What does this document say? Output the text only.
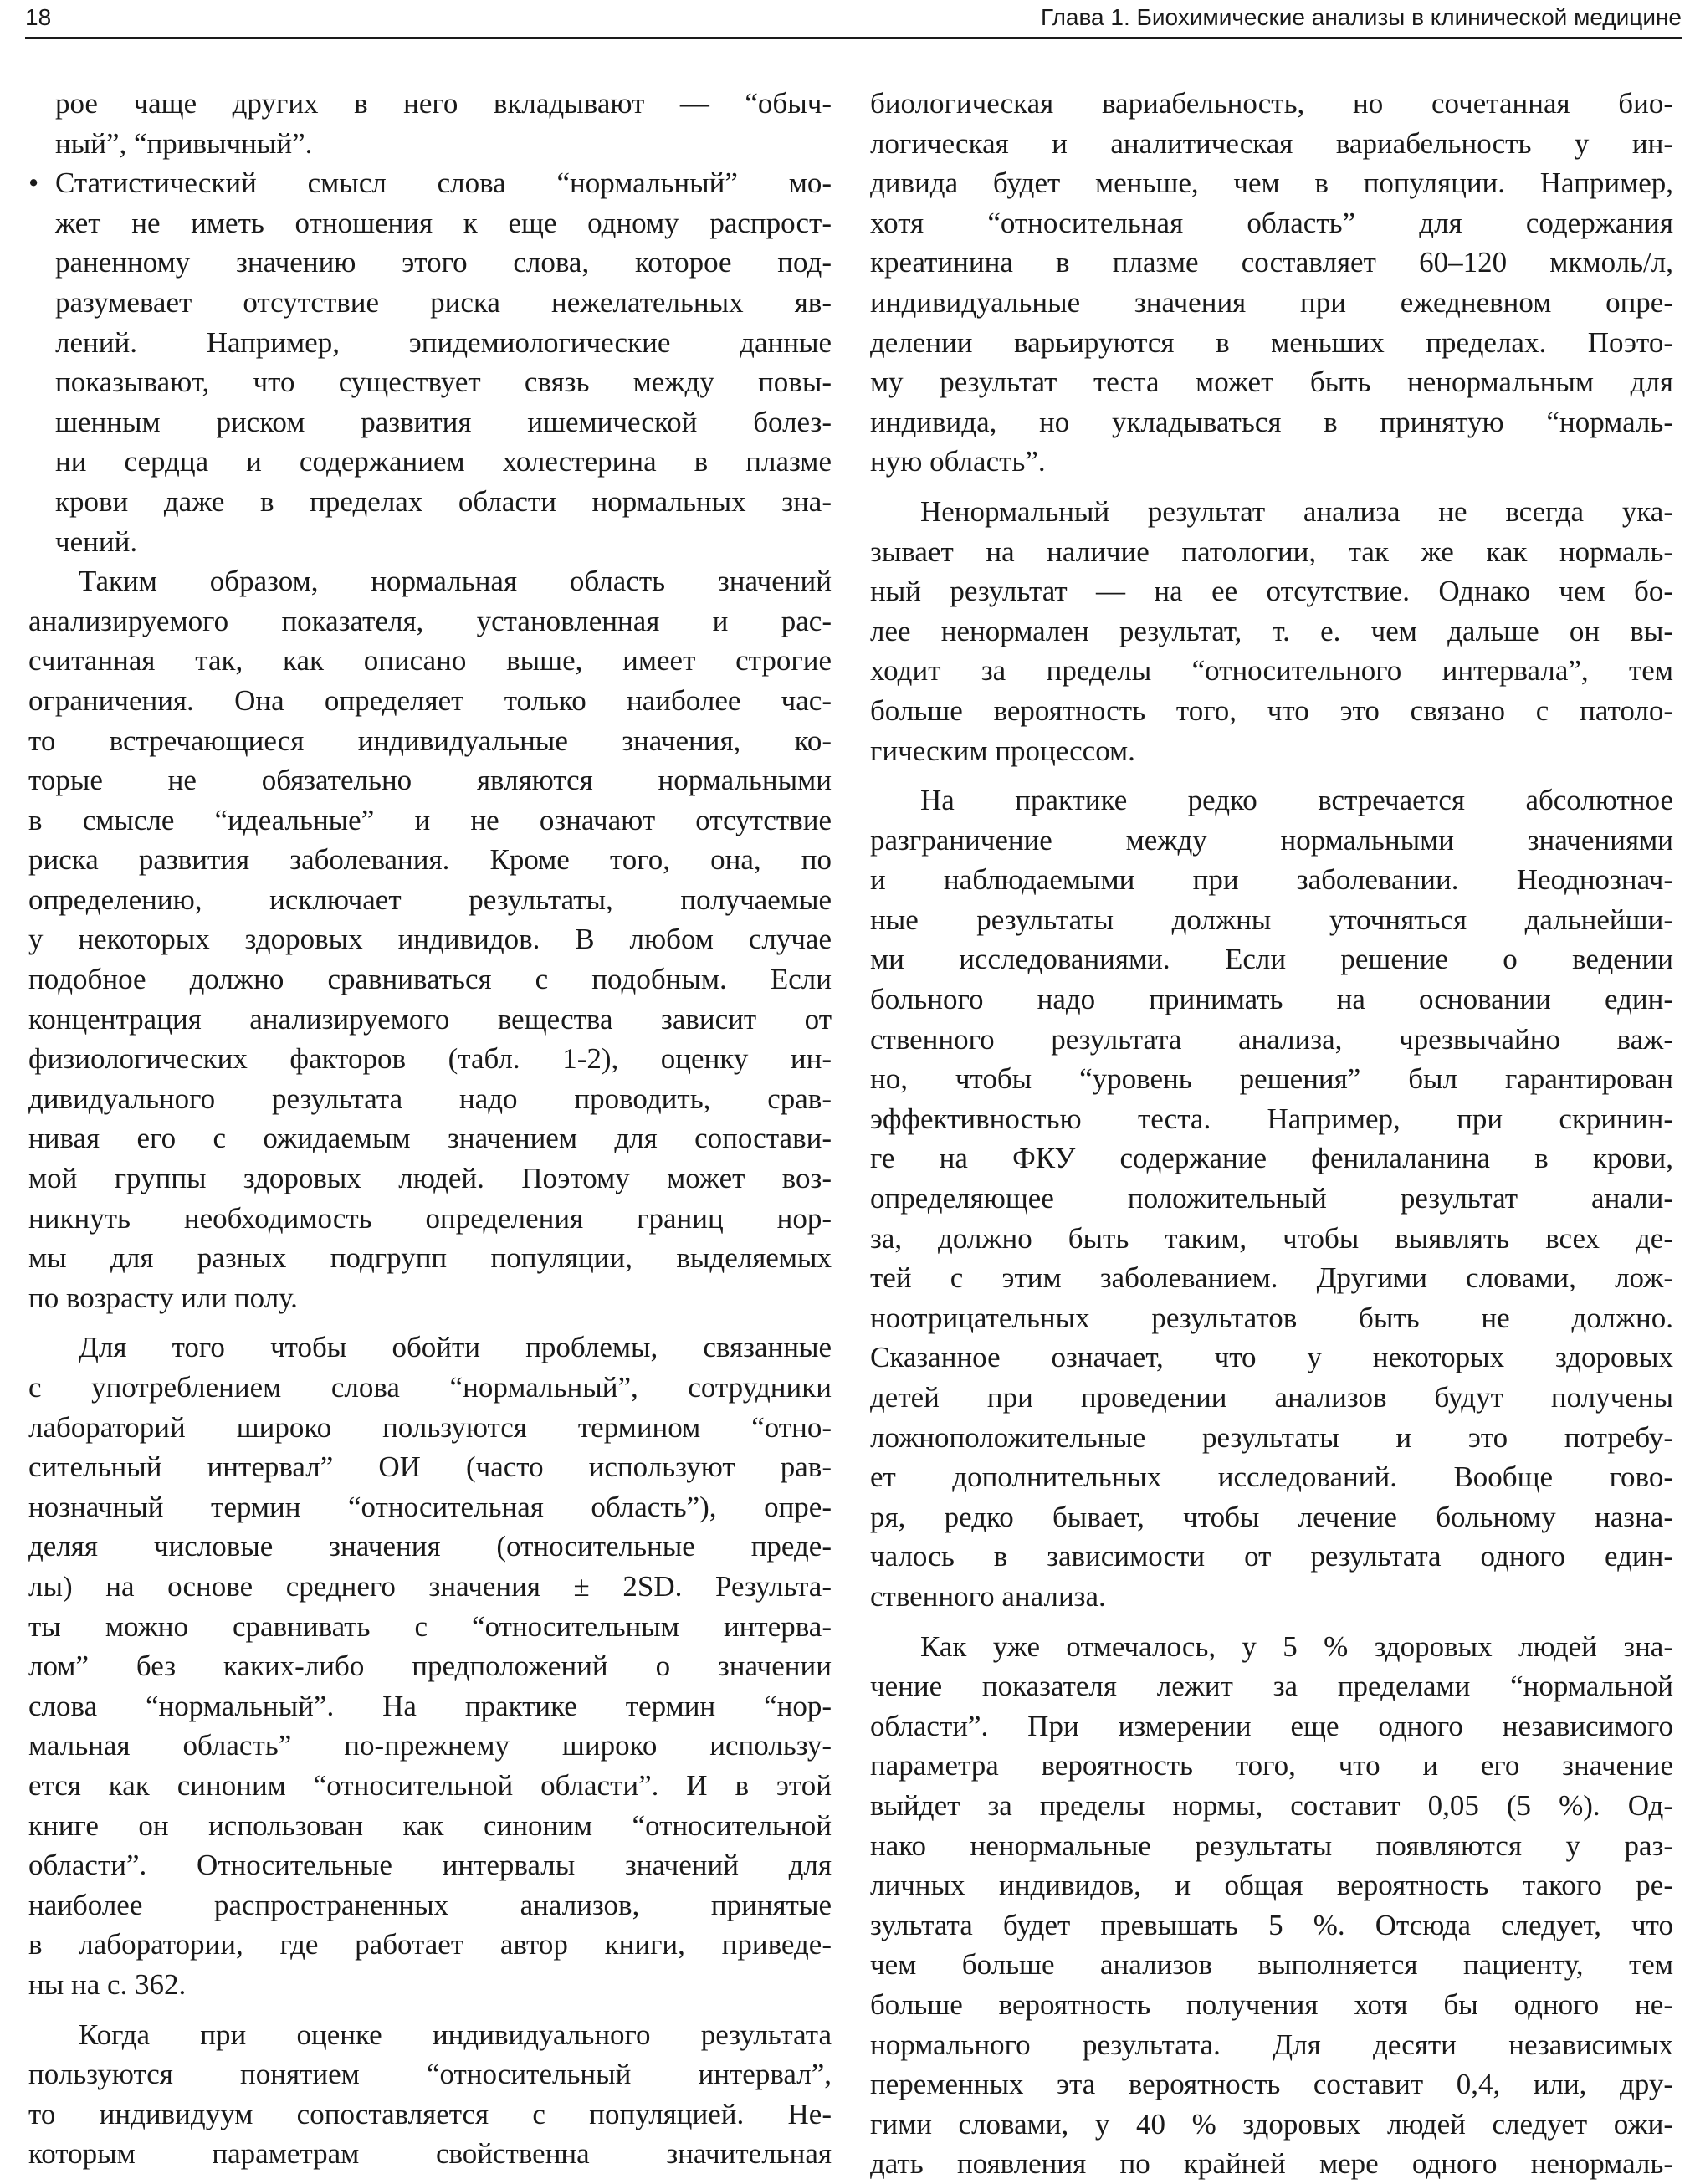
18	Глава 1. Биохимические анализы в клинической медицине
рое чаще других в него вкладывают — “обыч-
ный”, “привычный”.
• Статистический смысл слова “нормальный” мо-
жет не иметь отношения к еще одному распрост-
раненному значению этого слова, которое под-
разумевает отсутствие риска нежелательных яв-
лений. Например, эпидемиологические данные
показывают, что существует связь между повы-
шенным риском развития ишемической болез-
ни сердца и содержанием холестерина в плазме
крови даже в пределах области нормальных зна-
чений.
Таким образом, нормальная область значений
анализируемого показателя, установленная и рас-
считанная так, как описано выше, имеет строгие
ограничения. Она определяет только наиболее час-
то встречающиеся индивидуальные значения, ко-
торые не обязательно являются нормальными
в смысле “идеальные” и не означают отсутствие
риска развития заболевания. Кроме того, она, по
определению, исключает результаты, получаемые
у некоторых здоровых индивидов. В любом случае
подобное должно сравниваться с подобным. Если
концентрация анализируемого вещества зависит от
физиологических факторов (табл. 1-2), оценку ин-
дивидуального результата надо проводить, срав-
нивая его с ожидаемым значением для сопостави-
мой группы здоровых людей. Поэтому может воз-
никнуть необходимость определения границ нор-
мы для разных подгрупп популяции, выделяемых
по возрасту или полу.
Для того чтобы обойти проблемы, связанные
с употреблением слова “нормальный”, сотрудники
лабораторий широко пользуются термином “отно-
сительный интервал” ОИ (часто используют рав-
нозначный термин “относительная область”), опре-
деляя числовые значения (относительные преде-
лы) на основе среднего значения ± 2SD. Результа-
ты можно сравнивать с “относительным интерва-
лом” без каких-либо предположений о значении
слова “нормальный”. На практике термин “нор-
мальная область” по-прежнему широко использу-
ется как синоним “относительной области”. И в этой
книге он использован как синоним “относительной
области”. Относительные интервалы значений для
наиболее распространенных анализов, принятые
в лаборатории, где работает автор книги, приведе-
ны на с. 362.
Когда при оценке индивидуального результата
пользуются понятием “относительный интервал”,
то индивидуум сопоставляется с популяцией. Не-
которым параметрам свойственна значительная
биологическая вариабельность, но сочетанная био-
логическая и аналитическая вариабельность у ин-
дивида будет меньше, чем в популяции. Например,
хотя “относительная область” для содержания
креатинина в плазме составляет 60–120 мкмоль/л,
индивидуальные значения при ежедневном опре-
делении варьируются в меньших пределах. Поэто-
му результат теста может быть ненормальным для
индивида, но укладываться в принятую “нормаль-
ную область”.
Ненормальный результат анализа не всегда ука-
зывает на наличие патологии, так же как нормаль-
ный результат — на ее отсутствие. Однако чем бо-
лее ненормален результат, т. е. чем дальше он вы-
ходит за пределы “относительного интервала”, тем
больше вероятность того, что это связано с патоло-
гическим процессом.
На практике редко встречается абсолютное
разграничение между нормальными значениями
и наблюдаемыми при заболевании. Неоднознач-
ные результаты должны уточняться дальнейши-
ми исследованиями. Если решение о ведении
больного надо принимать на основании един-
ственного результата анализа, чрезвычайно важ-
но, чтобы “уровень решения” был гарантирован
эффективностью теста. Например, при скринин-
ге на ФКУ содержание фенилаланина в крови,
определяющее положительный результат анали-
за, должно быть таким, чтобы выявлять всех де-
тей с этим заболеванием. Другими словами, лож-
ноотрицательных результатов быть не должно.
Сказанное означает, что у некоторых здоровых
детей при проведении анализов будут получены
ложноположительные результаты и это потребу-
ет дополнительных исследований. Вообще гово-
ря, редко бывает, чтобы лечение больному назна-
чалось в зависимости от результата одного един-
ственного анализа.
Как уже отмечалось, у 5 % здоровых людей зна-
чение показателя лежит за пределами “нормальной
области”. При измерении еще одного независимого
параметра вероятность того, что и его значение
выйдет за пределы нормы, составит 0,05 (5 %). Од-
нако ненормальные результаты появляются у раз-
личных индивидов, и общая вероятность такого ре-
зультата будет превышать 5 %. Отсюда следует, что
чем больше анализов выполняется пациенту, тем
больше вероятность получения хотя бы одного не-
нормального результата. Для десяти независимых
переменных эта вероятность составит 0,4, или, дру-
гими словами, у 40 % здоровых людей следует ожи-
дать появления по крайней мере одного ненормаль-
